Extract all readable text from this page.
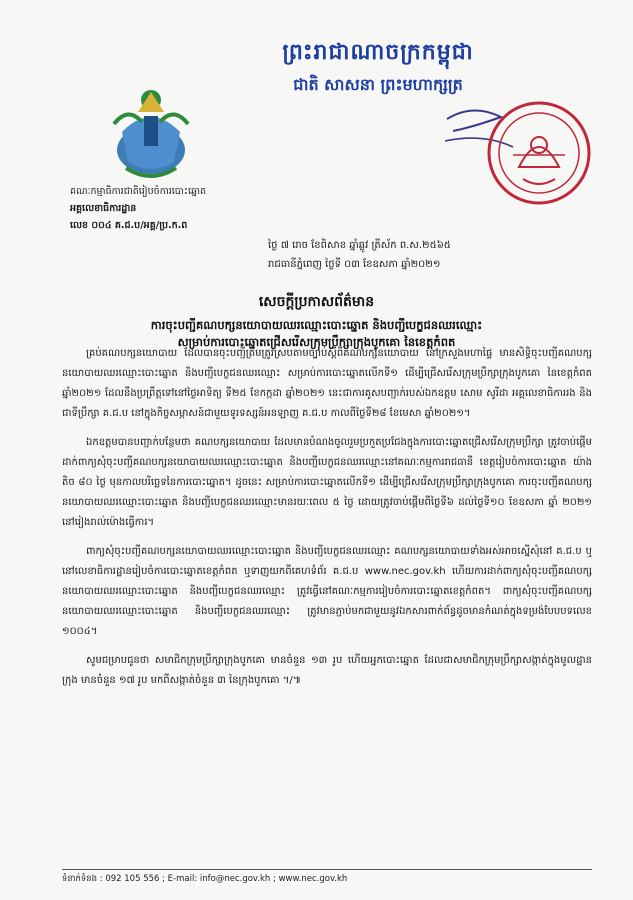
ព្រះរាជាណាចក្រកម្ពុជា
ជាតិ សាសនា ព្រះមហាក្សត្រ
គណៈកម្មាធិការជាតិរៀបចំការបោះឆ្នោត
អគ្គលេខាធិការដ្ឋាន
លេខ ០០៤ គ.ជ.ប/អគ្គ/ប្រ.ក.ព
ថ្ងៃ ៧ រោច ខែពិសាខ ឆ្នាំឆ្លូវ ត្រីស័ក ព.ស.២៥៦៥
រាជធានីភ្នំពេញ ថ្ងៃទី ០៣ ខែឧសភា ឆ្នាំ២០២១
សេចក្តីប្រកាសព័ត៌មាន
ការចុះបញ្ជីគណបក្សនយោបាយឈរឈ្មោះបោះឆ្នោត និងបញ្ជីបេក្ខជនឈរឈ្មោះ
សម្រាប់ការបោះឆ្នោតជ្រើសរើសក្រុមប្រឹក្សាក្រុងបូកគោ នៃខេត្តកំពត

គ្រប់គណបក្សនយោបាយ ដែលបានចុះបញ្ជីត្រឹមត្រូវស្របតាមច្បាប់ស្តីពីគណបក្សនយោបាយ នៅក្រសួងមហាផ្ទៃ មានសិទ្ធិចុះបញ្ជីគណបក្សនយោបាយឈរឈ្មោះបោះឆ្នោត និងបញ្ជីបេក្ខជនឈរឈ្មោះ សម្រាប់ការបោះឆ្នោតលើកទី១ ដើម្បីជ្រើសរើសក្រុមប្រឹក្សាក្រុងបូកគោ នៃខេត្តកំពត ឆ្នាំ២០២១ ដែលនឹងប្រព្រឹត្តទៅនៅថ្ងៃអាទិត្យ ទី២៥ ខែកក្កដា ឆ្នាំ២០២១ នេះជាការគូសបញ្ជាក់របស់ឯកឧត្តម សោម សូរីដា អគ្គលេខាធិការរង និងជាទីប្រឹក្សា គ.ជ.ប នៅក្នុងកិច្ចសម្ភាសន៍ជាមួយទូរទស្សន៍អនឡាញ គ.ជ.ប កាលពីថ្ងៃទី២៨ ខែមេសា ឆ្នាំ២០២១។

ឯកឧត្តមបានបញ្ជាក់បន្ថែមថា គណបក្សនយោបាយ ដែលមានបំណងចូលរួមប្រកួតប្រជែងក្នុងការបោះឆ្នោតជ្រើសរើសក្រុមប្រឹក្សា ត្រូវចាប់ផ្តើមដាក់ពាក្យសុំចុះបញ្ជីគណបក្សនយោបាយឈរឈ្មោះបោះឆ្នោត និងបញ្ជីបេក្ខជនឈរឈ្មោះនៅគណៈកម្មការរាជធានី ខេត្តរៀបចំការបោះឆ្នោត យ៉ាងតិច ៨០ ថ្ងៃ មុនកាលបរិច្ឆេទនៃការបោះឆ្នោត។ ដូចនេះ សម្រាប់ការបោះឆ្នោតលើកទី១ ដើម្បីជ្រើសរើសក្រុមប្រឹក្សាក្រុងបូកគោ ការចុះបញ្ជីគណបក្សនយោបាយឈរឈ្មោះបោះឆ្នោត និងបញ្ជីបេក្ខជនឈរឈ្មោះមានរយៈពេល ៥ ថ្ងៃ ដោយត្រូវចាប់ផ្តើមពីថ្ងៃទី៦ ដល់ថ្ងៃទី១០ ខែឧសភា ឆ្នាំ ២០២១ នៅរៀងរាល់ម៉ោងធ្វើការ។

ពាក្យសុំចុះបញ្ជីគណបក្សនយោបាយឈរឈ្មោះបោះឆ្នោត និងបញ្ជីបេក្ខជនឈរឈ្មោះ គណបក្សនយោបាយទាំងអស់អាចស្នើសុំនៅ គ.ជ.ប ឬ នៅលេខាធិការដ្ឋានរៀបចំការបោះឆ្នោតខេត្តកំពត ឬទាញយកពីគេហទំព័រ គ.ជ.ប www.nec.gov.kh ហើយការដាក់ពាក្យសុំចុះបញ្ជីគណបក្សនយោបាយឈរឈ្មោះបោះឆ្នោត និងបញ្ជីបេក្ខជនឈរឈ្មោះ ត្រូវធ្វើនៅគណៈកម្មការរៀបចំការបោះឆ្នោតខេត្តកំពត។ ពាក្យសុំចុះបញ្ជីគណបក្សនយោបាយឈរឈ្មោះបោះឆ្នោត និងបញ្ជីបេក្ខជនឈរឈ្មោះ ត្រូវមានភ្ជាប់មកជាមួយនូវឯកសារពាក់ព័ន្ធដូចមានកំណត់ក្នុងទម្រង់បែបបទលេខ ១០០៤។

សូមជម្រាបជូនថា សមាជិកក្រុមប្រឹក្សាក្រុងបូកគោ មានចំនួន ១៣ រូប ហើយអ្នកបោះឆ្នោត ដែលជាសមាជិកក្រុមប្រឹក្សាសង្កាត់ក្នុងមូលដ្ឋានក្រុង មានចំនួន ១៧ រូប មកពីសង្កាត់ចំនួន ៣ នៃក្រុងបូកគោ ។/៕

ទំនាក់ទំនង : 092 105 556 ; E-mail: info@nec.gov.kh ; www.nec.gov.kh
